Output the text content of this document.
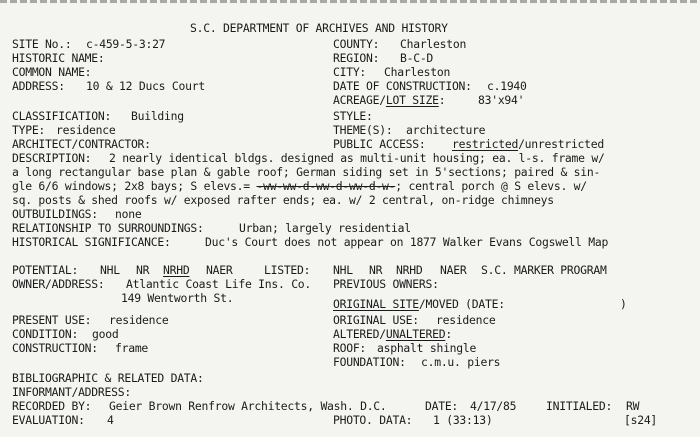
S.C. DEPARTMENT OF ARCHIVES AND HISTORY
SITE No.: c-459-5-3:27
HISTORIC NAME:
COMMON NAME:
ADDRESS: 10 & 12 Ducs Court
COUNTY: Charleston
REGION: B-C-D
CITY: Charleston
DATE OF CONSTRUCTION: c.1940
ACREAGE/LOT SIZE:	83'x94'
CLASSIFICATION: Building	STYLE:
TYPE: residence	THEME(S): architecture
ARCHITECT/CONTRACTOR:	PUBLIC ACCESS: restricted/unrestricted
DESCRIPTION: 2 nearly identical bldgs. designed as multi-unit housing; ea. l-s. frame w/
a long rectangular base plan & gable roof; German siding set in 5'sections; paired & sin-
gle 6/6 windows; 2x8 bays; S elevs.= -ww-ww-d-ww-d-ww-d-w-; central porch @ S elevs. w/
sq. posts & shed roofs w/ exposed rafter ends; ea. w/ 2 central, on-ridge chimneys
OUTBUILDINGS: none
RELATIONSHIP TO SURROUNDINGS:	Urban; largely residential
HISTORICAL SIGNIFICANCE:	Duc's Court does not appear on 1877 Walker Evans Cogswell Map
POTENTIAL: NHL NR NRHD NAER	LISTED: NHL NR NRHD NAER S.C. MARKER PROGRAM
OWNER/ADDRESS: Atlantic Coast Life Ins. Co.
149 Wentworth St.
PREVIOUS OWNERS:
ORIGINAL SITE/MOVED (DATE:	)
PRESENT USE: residence	ORIGINAL USE: residence
CONDITION: good	ALTERED/UNALTERED:
CONSTRUCTION: frame	ROOF: asphalt shingle
FOUNDATION: c.m.u. piers
BIBLIOGRAPHIC & RELATED DATA:
INFORMANT/ADDRESS:
RECORDED BY: Geier Brown Renfrow Architects, Wash. D.C.	DATE: 4/17/85	INITIALED: RW
EVALUATION: 4	PHOTO. DATA: 1 (33:13)	[s24]
